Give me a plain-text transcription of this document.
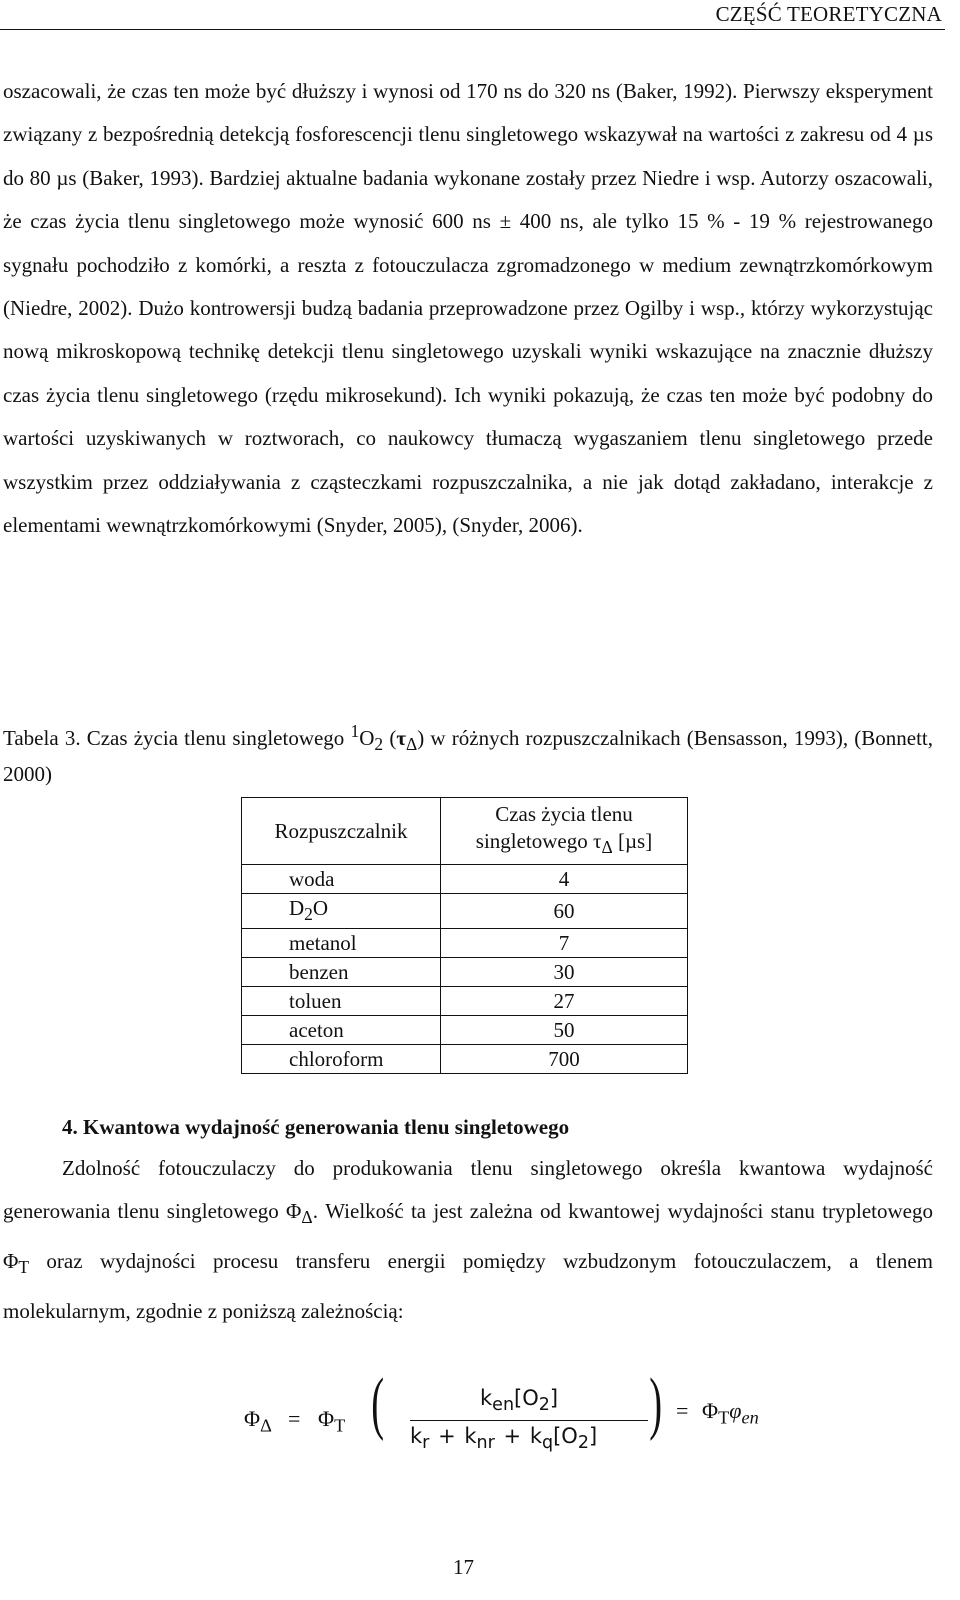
CZĘŚĆ TEORETYCZNA

oszacowali, że czas ten może być dłuższy i wynosi od 170 ns do 320 ns (Baker, 1992). Pierwszy eksperyment związany z bezpośrednią detekcją fosforescencji tlenu singletowego wskazywał na wartości z zakresu od 4 µs do 80 µs (Baker, 1993). Bardziej aktualne badania wykonane zostały przez Niedre i wsp. Autorzy oszacowali, że czas życia tlenu singletowego może wynosić 600 ns ± 400 ns, ale tylko 15 % - 19 % rejestrowanego sygnału pochodziło z komórki, a reszta z fotouczulacza zgromadzonego w medium zewnątrzkomórkowym (Niedre, 2002). Dużo kontrowersji budzą badania przeprowadzone przez Ogilby i wsp., którzy wykorzystując nową mikroskopową technikę detekcji tlenu singletowego uzyskali wyniki wskazujące na znacznie dłuższy czas życia tlenu singletowego (rzędu mikrosekund). Ich wyniki pokazują, że czas ten może być podobny do wartości uzyskiwanych w roztworach, co naukowcy tłumaczą wygaszaniem tlenu singletowego przede wszystkim przez oddziaływania z cząsteczkami rozpuszczalnika, a nie jak dotąd zakładano, interakcje z elementami wewnątrzkomórkowymi (Snyder, 2005), (Snyder, 2006).

Tabela 3. Czas życia tlenu singletowego $^1O_2$ $(\tau_\Delta)$ w różnych rozpuszczalnikach (Bensasson, 1993), (Bonnett, 2000)
Rozpuszczalnik	Czas życia tlenu
singletowego $\tau_\Delta$ [µs]
woda	4
$D_2O$	60
metanol	7
benzen	30
toluen	27
aceton	50
chloroform	700
4. Kwantowa wydajność generowania tlenu singletowego
Zdolność fotouczulaczy do produkowania tlenu singletowego określa kwantowa wydajność generowania tlenu singletowego $\Phi_\Delta$. Wielkość ta jest zależna od kwantowej wydajności stanu trypletowego $\Phi_T$ oraz wydajności procesu transferu energii pomiędzy wzbudzonym fotouczulaczem, a tlenem molekularnym, zgodnie z poniższą zależnością:
$\Phi_\Delta = \Phi_T$ (	$k_{en}[O_2]$
$k_r + k_{nr} + k_q[O_2]$ ) = $\Phi_T\varphi_{en}$
17
